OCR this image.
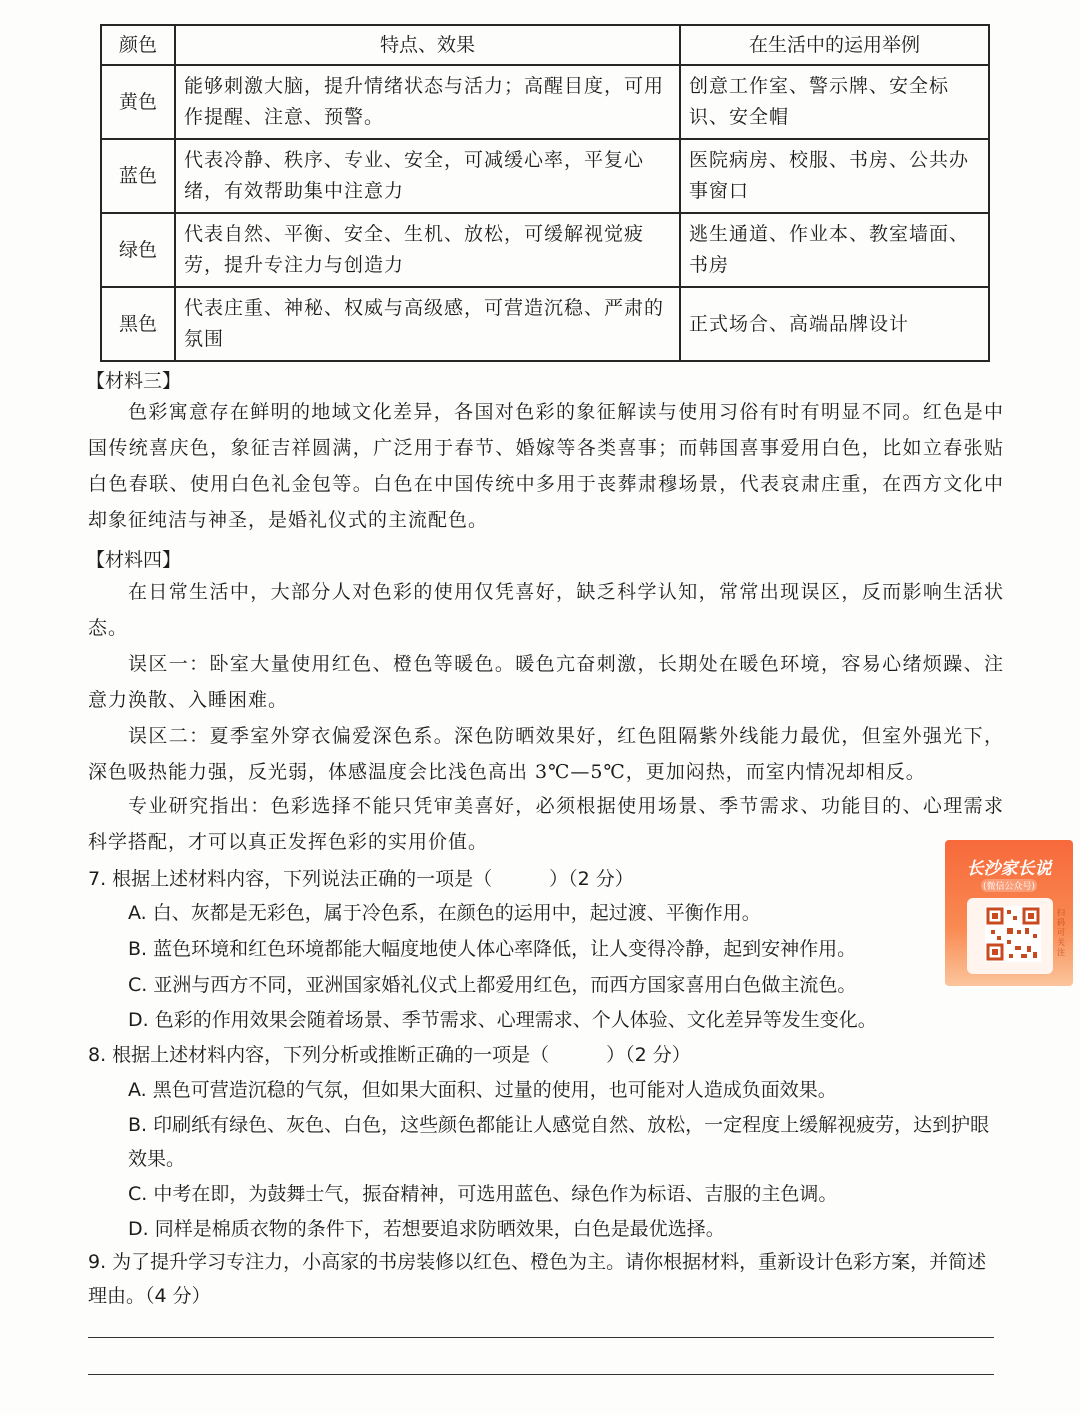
颜色	特点、效果	在生活中的运用举例
黄色	能够刺激大脑，提升情绪状态与活力；高醒目度，可用作提醒、注意、预警。	创意工作室、警示牌、安全标识、安全帽
蓝色	代表冷静、秩序、专业、安全，可减缓心率，平复心绪，有效帮助集中注意力	医院病房、校服、书房、公共办事窗口
绿色	代表自然、平衡、安全、生机、放松，可缓解视觉疲劳，提升专注力与创造力	逃生通道、作业本、教室墙面、书房
黑色	代表庄重、神秘、权威与高级感，可营造沉稳、严肃的氛围	正式场合、高端品牌设计
【材料三】

色彩寓意存在鲜明的地域文化差异，各国对色彩的象征解读与使用习俗有时有明显不同。红色是中国传统喜庆色，象征吉祥圆满，广泛用于春节、婚嫁等各类喜事；而韩国喜事爱用白色，比如立春张贴白色春联、使用白色礼金包等。白色在中国传统中多用于丧葬肃穆场景，代表哀肃庄重，在西方文化中却象征纯洁与神圣，是婚礼仪式的主流配色。

【材料四】

在日常生活中，大部分人对色彩的使用仅凭喜好，缺乏科学认知，常常出现误区，反而影响生活状态。

误区一：卧室大量使用红色、橙色等暖色。暖色亢奋刺激，长期处在暖色环境，容易心绪烦躁、注意力涣散、入睡困难。

误区二：夏季室外穿衣偏爱深色系。深色防晒效果好，红色阻隔紫外线能力最优，但室外强光下，深色吸热能力强，反光弱，体感温度会比浅色高出 3℃—5℃，更加闷热，而室内情况却相反。

专业研究指出：色彩选择不能只凭审美喜好，必须根据使用场景、季节需求、功能目的、心理需求科学搭配，才可以真正发挥色彩的实用价值。

7. 根据上述材料内容，下列说法正确的一项是（　　　）（2 分）

A. 白、灰都是无彩色，属于冷色系，在颜色的运用中，起过渡、平衡作用。

B. 蓝色环境和红色环境都能大幅度地使人体心率降低，让人变得冷静，起到安神作用。

C. 亚洲与西方不同，亚洲国家婚礼仪式上都爱用红色，而西方国家喜用白色做主流色。

D. 色彩的作用效果会随着场景、季节需求、心理需求、个人体验、文化差异等发生变化。

8. 根据上述材料内容，下列分析或推断正确的一项是（　　　）（2 分）

A. 黑色可营造沉稳的气氛，但如果大面积、过量的使用，也可能对人造成负面效果。

B. 印刷纸有绿色、灰色、白色，这些颜色都能让人感觉自然、放松，一定程度上缓解视疲劳，达到护眼效果。

C. 中考在即，为鼓舞士气，振奋精神，可选用蓝色、绿色作为标语、吉服的主色调。

D. 同样是棉质衣物的条件下，若想要追求防晒效果，白色是最优选择。

9. 为了提升学习专注力，小高家的书房装修以红色、橙色为主。请你根据材料，重新设计色彩方案，并简述理由。（4 分）

长沙家长说
(微信公众号)
扫码可关注
